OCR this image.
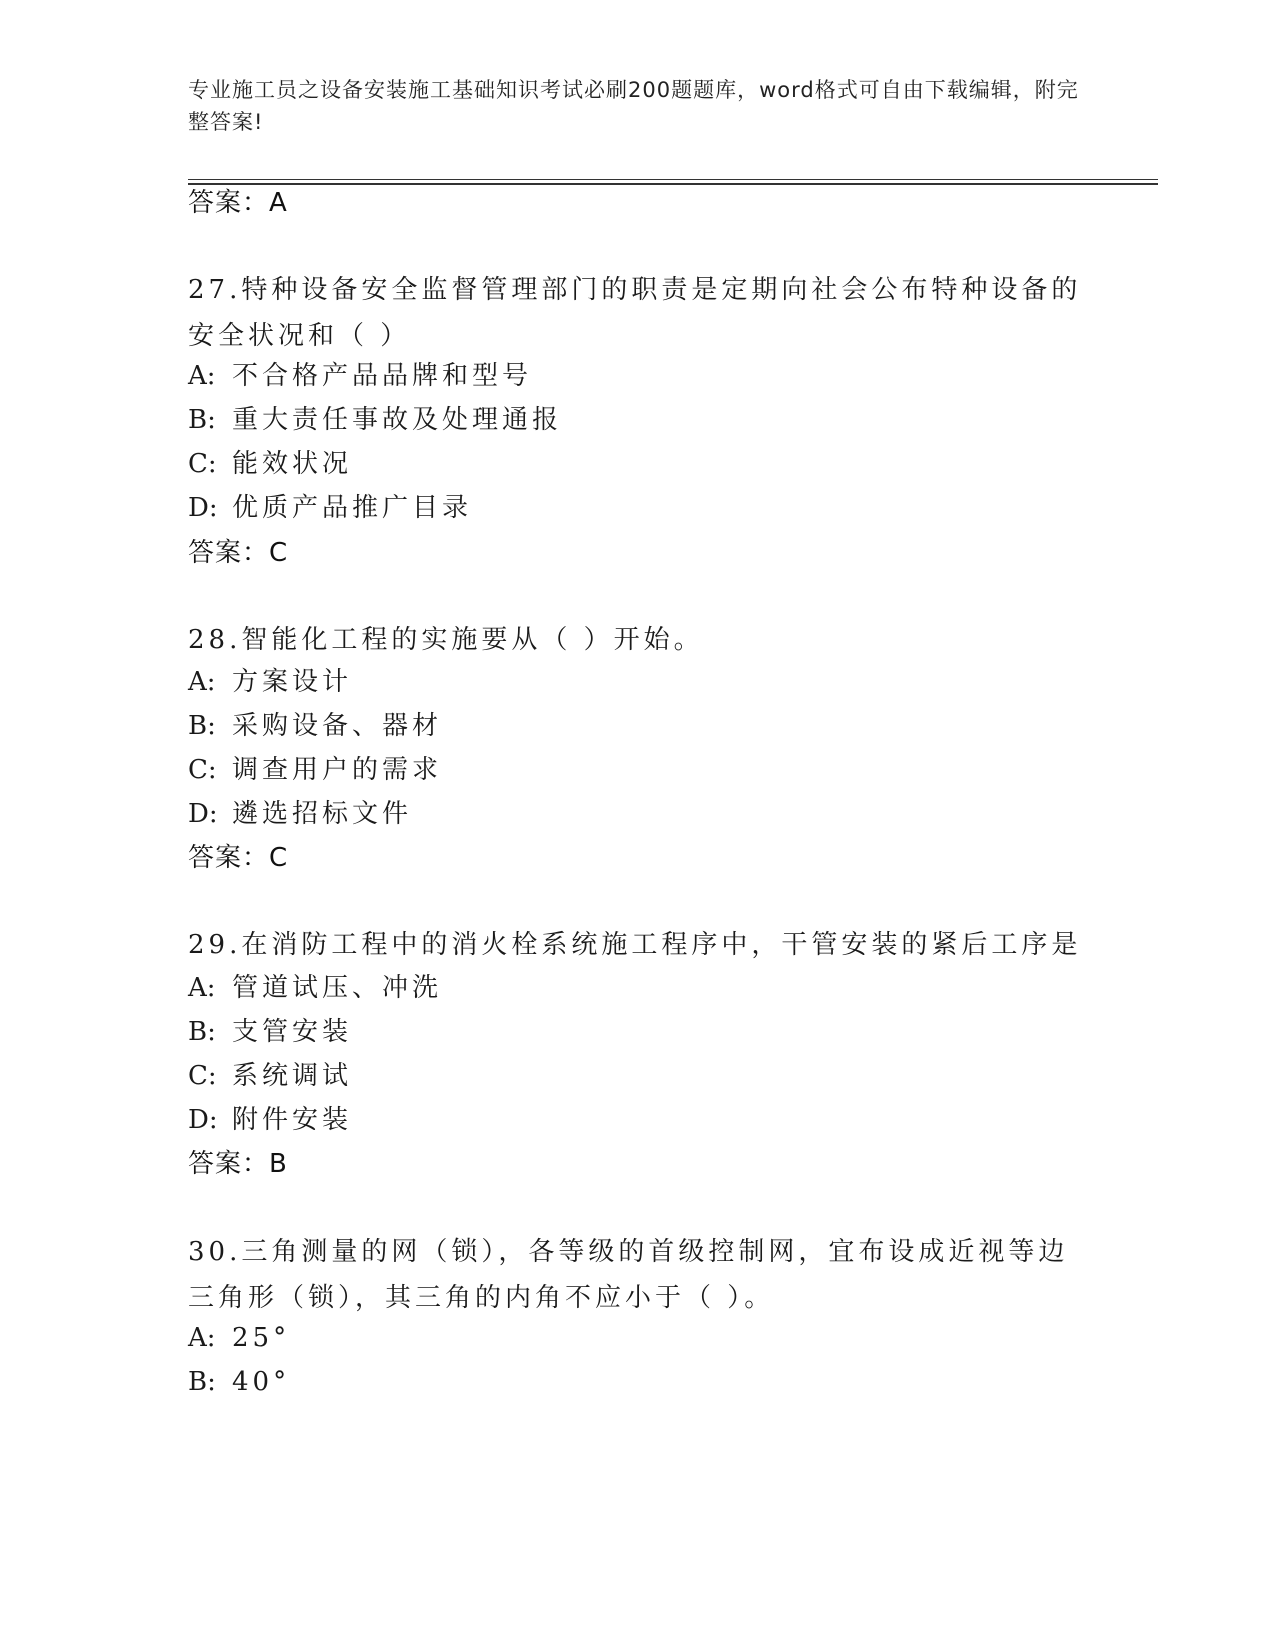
专业施工员之设备安装施工基础知识考试必刷200题题库，word格式可自由下载编辑，附完整答案!
答案：A
27.特种设备安全监督管理部门的职责是定期向社会公布特种设备的安全状况和（ ）
A: 不合格产品品牌和型号
B: 重大责任事故及处理通报
C: 能效状况
D: 优质产品推广目录
答案：C
28.智能化工程的实施要从（ ）开始。
A: 方案设计
B: 采购设备、器材
C: 调查用户的需求
D: 遴选招标文件
答案：C
29.在消防工程中的消火栓系统施工程序中，干管安装的紧后工序是
A: 管道试压、冲洗
B: 支管安装
C: 系统调试
D: 附件安装
答案：B
30.三角测量的网（锁），各等级的首级控制网，宜布设成近视等边三角形（锁），其三角的内角不应小于（ ）。
A: 25°
B: 40°
